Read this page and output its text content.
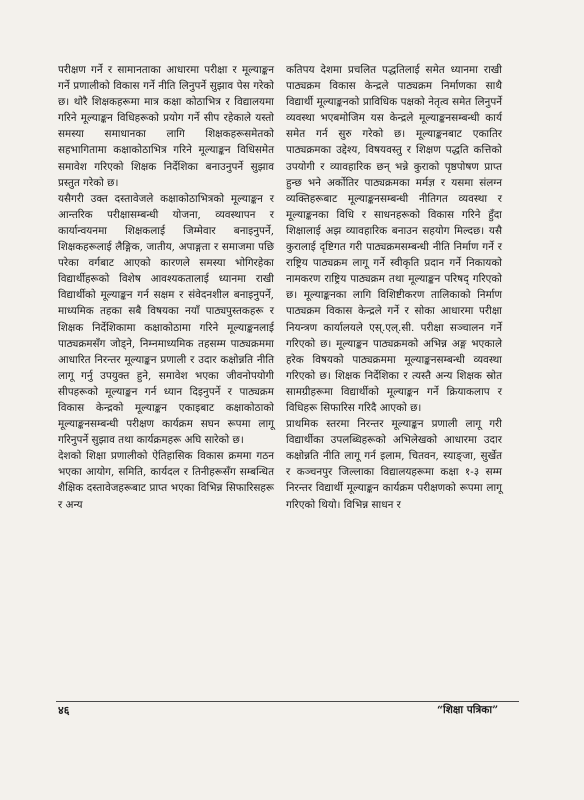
परीक्षण गर्ने र सामानताका आधारमा परीक्षा र मूल्याङ्कन गर्ने प्रणालीको विकास गर्ने नीति लिनुपर्ने सुझाव पेस गरेको छ। थोरै शिक्षकहरूमा मात्र कक्षा कोठाभित्र र विद्यालयमा गरिने मूल्याङ्कन विधिहरूको प्रयोग गर्ने सीप रहेकाले यस्तो समस्या समाधानका लागि शिक्षकहरूसमेतको सहभागितामा कक्षाकोठाभित्र गरिने मूल्याङ्कन विधिसमेत समावेश गरिएको शिक्षक निर्देशिका बनाउनुपर्ने सुझाव प्रस्तुत गरेको छ।

यसैगरी उक्त दस्तावेजले कक्षाकोठाभित्रको मूल्याङ्कन र आन्तरिक परीक्षासम्बन्धी योजना, व्यवस्थापन र कार्यान्वयनमा शिक्षकलाई जिम्मेवार बनाइनुपर्ने, शिक्षकहरूलाई लैङ्गिक, जातीय, अपाङ्गता र समाजमा पछि परेका वर्गबाट आएको कारणले समस्या भोगिरहेका विद्यार्थीहरूको विशेष आवश्यकतालाई ध्यानमा राखी विद्यार्थीको मूल्याङ्कन गर्न सक्षम र संवेदनशील बनाइनुपर्ने, माध्यमिक तहका सबै विषयका नयाँ पाठ्यपुस्तकहरू र शिक्षक निर्देशिकामा कक्षाकोठामा गरिने मूल्याङ्कनलाई पाठ्यक्रमसँग जोड्ने, निम्नमाध्यमिक तहसम्म पाठ्यक्रममा आधारित निरन्तर मूल्याङ्कन प्रणाली र उदार कक्षोन्नति नीति लागू गर्नु उपयुक्त हुने, समावेश भएका जीवनोपयोगी सीपहरूको मूल्याङ्कन गर्न ध्यान दिइनुपर्ने र पाठ्यक्रम विकास केन्द्रको मूल्याङ्कन एकाइबाट कक्षाकोठाको मूल्याङ्कनसम्बन्धी परीक्षण कार्यक्रम सघन रूपमा लागू गरिनुपर्ने सुझाव तथा कार्यक्रमहरू अघि सारेको छ।

देशको शिक्षा प्रणालीको ऐतिहासिक विकास क्रममा गठन भएका आयोग, समिति, कार्यदल र तिनीहरूसँग सम्बन्धित शैक्षिक दस्तावेजहरूबाट प्राप्त भएका विभिन्न सिफारिसहरू र अन्य

कतिपय देशमा प्रचलित पद्धतिलाई समेत ध्यानमा राखी पाठ्यक्रम विकास केन्द्रले पाठ्यक्रम निर्माणका साथै विद्यार्थी मूल्याङ्कनको प्राविधिक पक्षको नेतृत्व समेत लिनुपर्ने व्यवस्था भएबमोजिम यस केन्द्रले मूल्याङ्कनसम्बन्धी कार्य समेत गर्न सुरु गरेको छ। मूल्याङ्कनबाट एकातिर पाठ्यक्रमका उद्देश्य, विषयवस्तु र शिक्षण पद्धति कत्तिको उपयोगी र व्यावहारिक छन् भन्ने कुराको पृष्ठपोषण प्राप्त हुन्छ भने अर्कोतिर पाठ्यक्रमका मर्मज्ञ र यसमा संलग्न व्यक्तिहरूबाट मूल्याङ्कनसम्बन्धी नीतिगत व्यवस्था र मूल्याङ्कनका विधि र साधनहरूको विकास गरिने हुँदा शिक्षालाई अझ व्यावहारिक बनाउन सहयोग मिल्दछ। यसै कुरालाई दृष्टिगत गरी पाठ्यक्रमसम्बन्धी नीति निर्माण गर्ने र राष्ट्रिय पाठ्यक्रम लागू गर्ने स्वीकृति प्रदान गर्ने निकायको नामकरण राष्ट्रिय पाठ्यक्रम तथा मूल्याङ्कन परिषद् गरिएको छ। मूल्याङ्कनका लागि विशिष्टीकरण तालिकाको निर्माण पाठ्यक्रम विकास केन्द्रले गर्ने र सोका आधारमा परीक्षा नियन्त्रण कार्यालयले एस्.एल्.सी. परीक्षा सञ्चालन गर्ने गरिएको छ। मूल्याङ्कन पाठ्यक्रमको अभिन्न अङ्ग भएकाले हरेक विषयको पाठ्यक्रममा मूल्याङ्कनसम्बन्धी व्यवस्था गरिएको छ। शिक्षक निर्देशिका र त्यस्तै अन्य शिक्षक स्रोत सामग्रीहरूमा विद्यार्थीको मूल्याङ्कन गर्ने क्रियाकलाप र विधिहरू सिफारिस गरिदै आएको छ।

प्राथमिक स्तरमा निरन्तर मूल्याङ्कन प्रणाली लागू गरी विद्यार्थीका उपलब्धिहरूको अभिलेखको आधारमा उदार कक्षोन्नति नीति लागू गर्न इलाम, चितवन, स्याङ्जा, सुर्खेत र कञ्चनपुर जिल्लाका विद्यालयहरूमा कक्षा १-३ सम्म निरन्तर विद्यार्थी मूल्याङ्कन कार्यक्रम परीक्षणको रूपमा लागू गरिएको थियो। विभिन्न साधन र

४६	“शिक्षा पत्रिका”
